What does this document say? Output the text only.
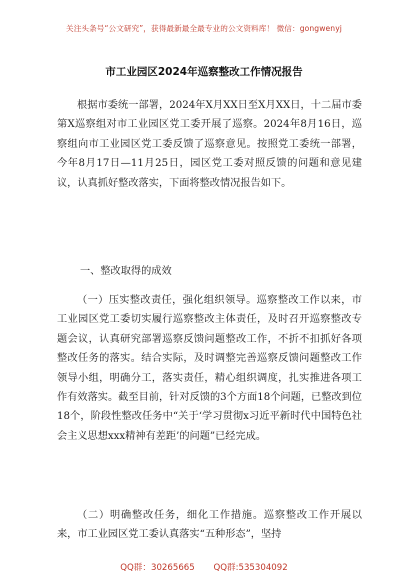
关注头条号“公文研究”，获得最新最全最专业的公文资料库！ 微信：gongwenyj
市工业园区2024年巡察整改工作情况报告

根据市委统一部署，2024年X月XX日至X月XX日，十二届市委第X巡察组对市工业园区党工委开展了巡察。2024年8月16日，巡察组向市工业园区党工委反馈了巡察意见。按照党工委统一部署，今年8月17日—11月25日，园区党工委对照反馈的问题和意见建议，认真抓好整改落实，下面将整改情况报告如下。

一、整改取得的成效

（一）压实整改责任，强化组织领导。巡察整改工作以来，市工业园区党工委切实履行巡察整改主体责任，及时召开巡察整改专题会议，认真研究部署巡察反馈问题整改工作，不折不扣抓好各项整改任务的落实。结合实际，及时调整完善巡察反馈问题整改工作领导小组，明确分工，落实责任，精心组织调度，扎实推进各项工作有效落实。截至目前，针对反馈的3个方面18个问题，已整改到位18个，阶段性整改任务中“关于‘学习贯彻x习近平新时代中国特色社会主义思想xxx精神有差距’的问题”已经完成。

（二）明确整改任务，细化工作措施。巡察整改工作开展以来，市工业园区党工委认真落实“五种形态”，坚持

QQ群：30265665 QQ群:535304092
